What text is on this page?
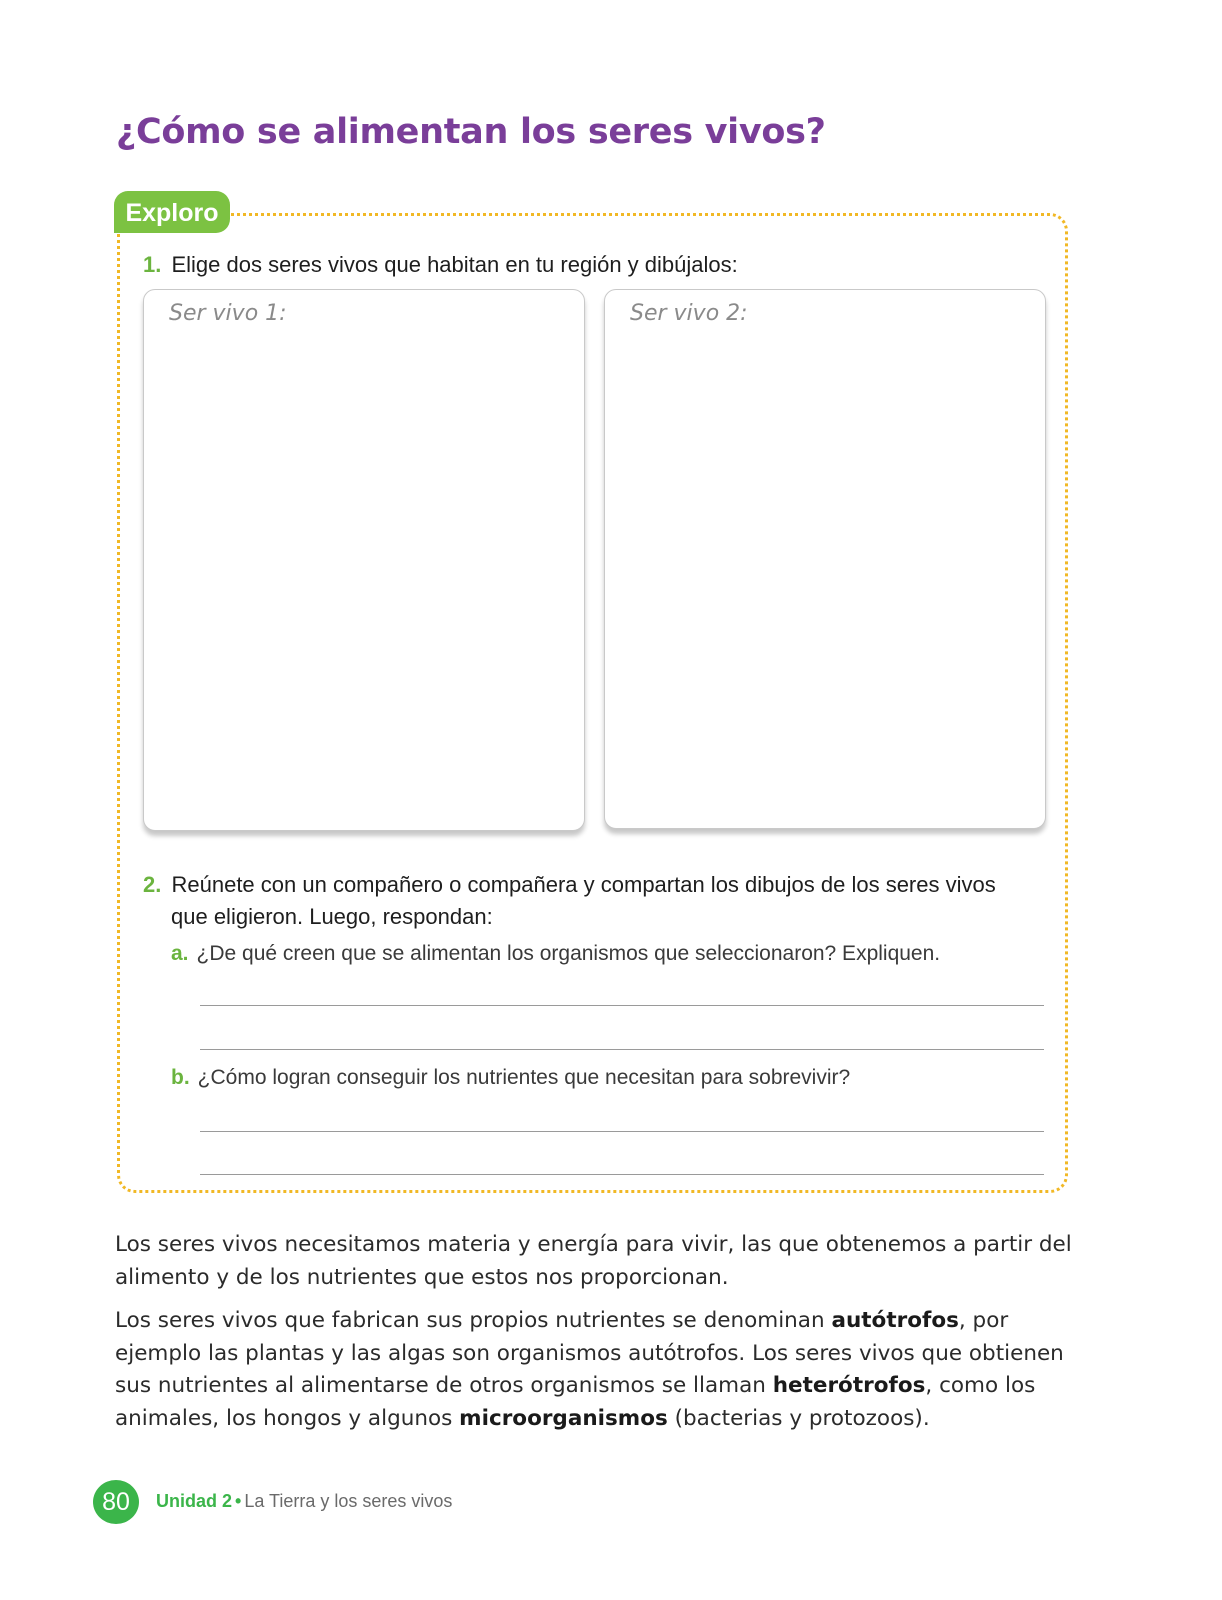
¿Cómo se alimentan los seres vivos?
Exploro
1. Elige dos seres vivos que habitan en tu región y dibújalos:
Ser vivo 1:	Ser vivo 2:
2. Reúnete con un compañero o compañera y compartan los dibujos de los seres vivos
que eligieron. Luego, respondan:
a. ¿De qué creen que se alimentan los organismos que seleccionaron? Expliquen.
b. ¿Cómo logran conseguir los nutrientes que necesitan para sobrevivir?

Los seres vivos necesitamos materia y energía para vivir, las que obtenemos a partir del alimento y de los nutrientes que estos nos proporcionan.

Los seres vivos que fabrican sus propios nutrientes se denominan autótrofos, por ejemplo las plantas y las algas son organismos autótrofos. Los seres vivos que obtienen sus nutrientes al alimentarse de otros organismos se llaman heterótrofos, como los animales, los hongos y algunos microorganismos (bacterias y protozoos).

80	Unidad 2 • La Tierra y los seres vivos
